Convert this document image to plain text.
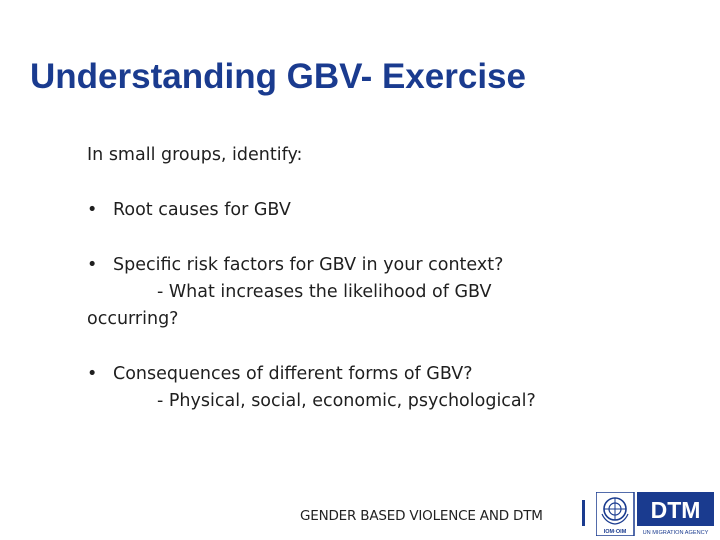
Understanding GBV- Exercise

In small groups, identify:

• Root causes for GBV
• Specific risk factors for GBV in your context?
- What increases the likelihood of GBV
occurring?
• Consequences of different forms of GBV?
- Physical, social, economic, psychological?
GENDER BASED VIOLENCE AND DTM
IOM·OIM
DTM
UN MIGRATION AGENCY
